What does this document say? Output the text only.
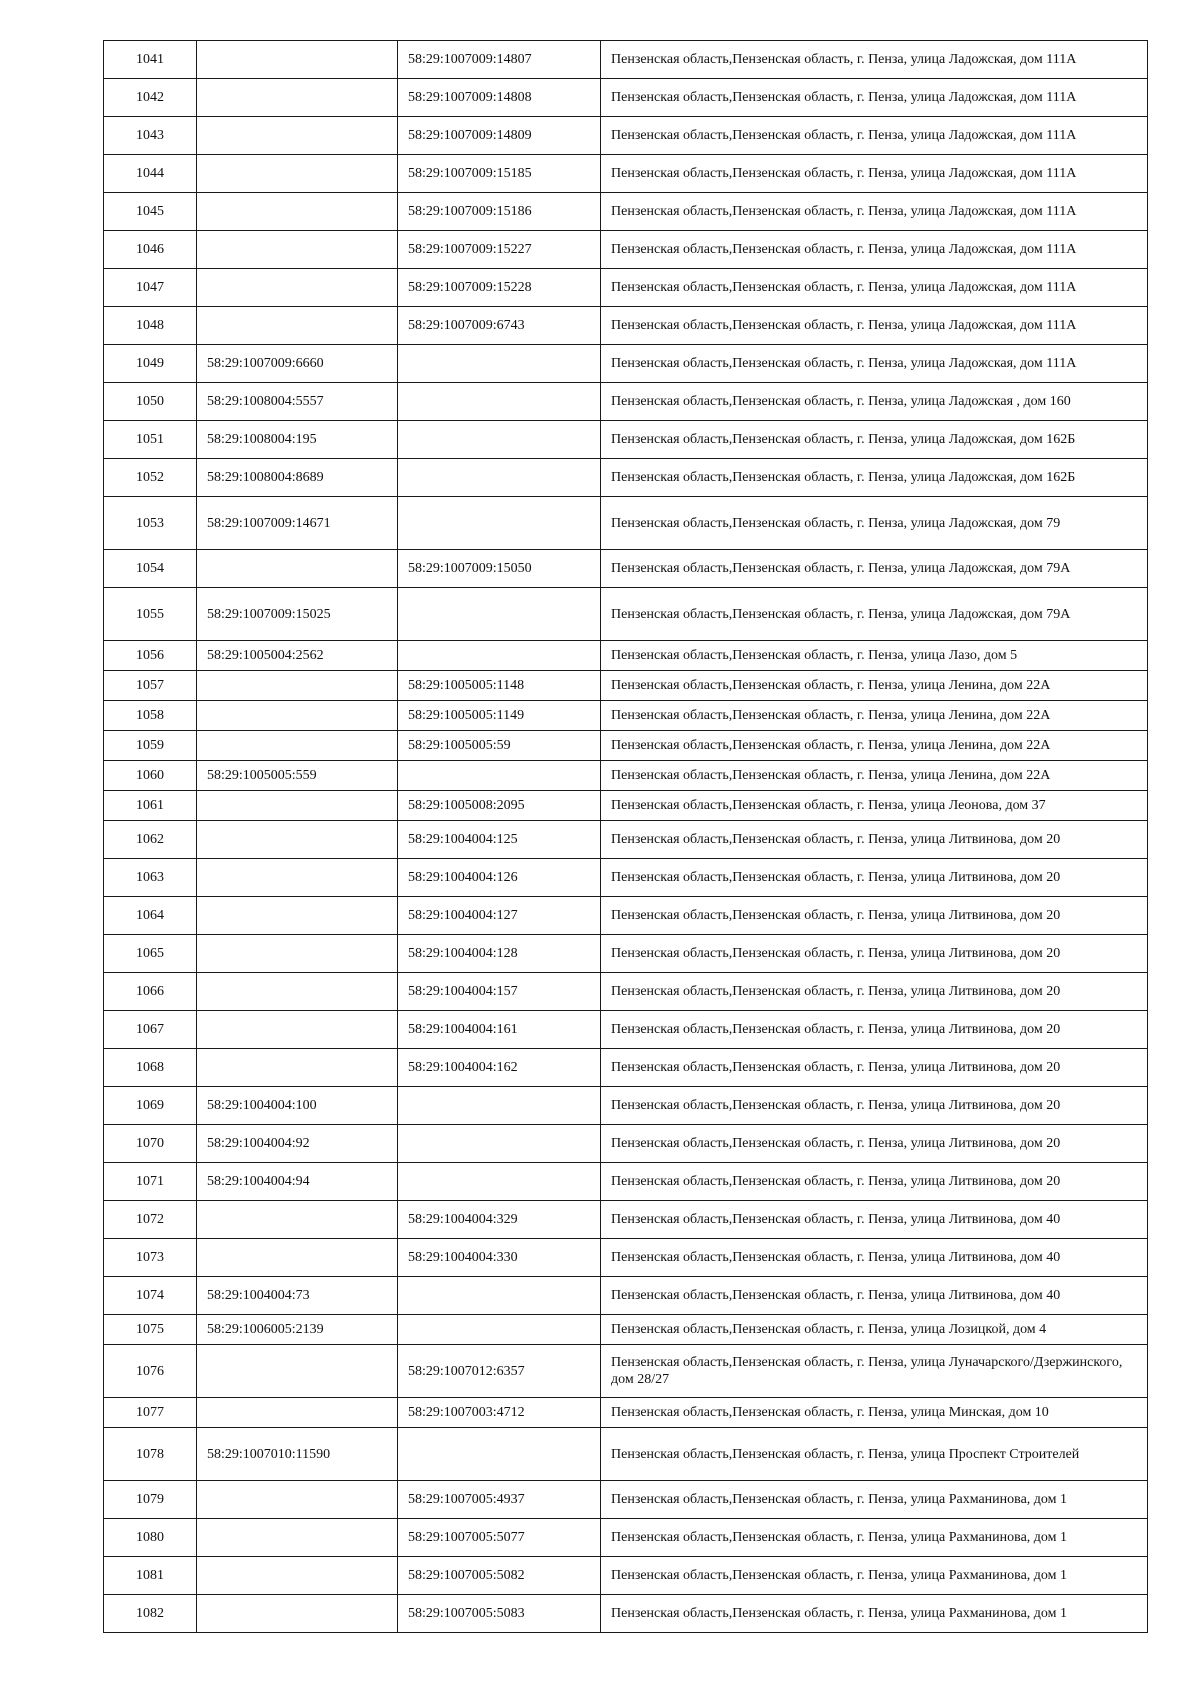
1041		58:29:1007009:14807	Пензенская область,Пензенская область, г. Пенза, улица Ладожская, дом 111А
1042		58:29:1007009:14808	Пензенская область,Пензенская область, г. Пенза, улица Ладожская, дом 111А
1043		58:29:1007009:14809	Пензенская область,Пензенская область, г. Пенза, улица Ладожская, дом 111А
1044		58:29:1007009:15185	Пензенская область,Пензенская область, г. Пенза, улица Ладожская, дом 111А
1045		58:29:1007009:15186	Пензенская область,Пензенская область, г. Пенза, улица Ладожская, дом 111А
1046		58:29:1007009:15227	Пензенская область,Пензенская область, г. Пенза, улица Ладожская, дом 111А
1047		58:29:1007009:15228	Пензенская область,Пензенская область, г. Пенза, улица Ладожская, дом 111А
1048		58:29:1007009:6743	Пензенская область,Пензенская область, г. Пенза, улица Ладожская, дом 111А
1049	58:29:1007009:6660		Пензенская область,Пензенская область, г. Пенза, улица Ладожская, дом 111А
1050	58:29:1008004:5557		Пензенская область,Пензенская область, г. Пенза, улица Ладожская , дом 160
1051	58:29:1008004:195		Пензенская область,Пензенская область, г. Пенза, улица Ладожская, дом 162Б
1052	58:29:1008004:8689		Пензенская область,Пензенская область, г. Пенза, улица Ладожская, дом 162Б
1053	58:29:1007009:14671		Пензенская область,Пензенская область, г. Пенза, улица Ладожская, дом 79
1054		58:29:1007009:15050	Пензенская область,Пензенская область, г. Пенза, улица Ладожская, дом 79А
1055	58:29:1007009:15025		Пензенская область,Пензенская область, г. Пенза, улица Ладожская, дом 79А
1056	58:29:1005004:2562		Пензенская область,Пензенская область, г. Пенза, улица Лазо, дом 5
1057		58:29:1005005:1148	Пензенская область,Пензенская область, г. Пенза, улица Ленина, дом 22А
1058		58:29:1005005:1149	Пензенская область,Пензенская область, г. Пенза, улица Ленина, дом 22А
1059		58:29:1005005:59	Пензенская область,Пензенская область, г. Пенза, улица Ленина, дом 22А
1060	58:29:1005005:559		Пензенская область,Пензенская область, г. Пенза, улица Ленина, дом 22А
1061		58:29:1005008:2095	Пензенская область,Пензенская область, г. Пенза, улица Леонова, дом 37
1062		58:29:1004004:125	Пензенская область,Пензенская область, г. Пенза, улица Литвинова, дом 20
1063		58:29:1004004:126	Пензенская область,Пензенская область, г. Пенза, улица Литвинова, дом 20
1064		58:29:1004004:127	Пензенская область,Пензенская область, г. Пенза, улица Литвинова, дом 20
1065		58:29:1004004:128	Пензенская область,Пензенская область, г. Пенза, улица Литвинова, дом 20
1066		58:29:1004004:157	Пензенская область,Пензенская область, г. Пенза, улица Литвинова, дом 20
1067		58:29:1004004:161	Пензенская область,Пензенская область, г. Пенза, улица Литвинова, дом 20
1068		58:29:1004004:162	Пензенская область,Пензенская область, г. Пенза, улица Литвинова, дом 20
1069	58:29:1004004:100		Пензенская область,Пензенская область, г. Пенза, улица Литвинова, дом 20
1070	58:29:1004004:92		Пензенская область,Пензенская область, г. Пенза, улица Литвинова, дом 20
1071	58:29:1004004:94		Пензенская область,Пензенская область, г. Пенза, улица Литвинова, дом 20
1072		58:29:1004004:329	Пензенская область,Пензенская область, г. Пенза, улица Литвинова, дом 40
1073		58:29:1004004:330	Пензенская область,Пензенская область, г. Пенза, улица Литвинова, дом 40
1074	58:29:1004004:73		Пензенская область,Пензенская область, г. Пенза, улица Литвинова, дом 40
1075	58:29:1006005:2139		Пензенская область,Пензенская область, г. Пенза, улица Лозицкой, дом 4
1076		58:29:1007012:6357	Пензенская область,Пензенская область, г. Пенза, улица Луначарского/Дзержинского, дом 28/27
1077		58:29:1007003:4712	Пензенская область,Пензенская область, г. Пенза, улица Минская, дом 10
1078	58:29:1007010:11590		Пензенская область,Пензенская область, г. Пенза, улица Проспект Строителей
1079		58:29:1007005:4937	Пензенская область,Пензенская область, г. Пенза, улица Рахманинова, дом 1
1080		58:29:1007005:5077	Пензенская область,Пензенская область, г. Пенза, улица Рахманинова, дом 1
1081		58:29:1007005:5082	Пензенская область,Пензенская область, г. Пенза, улица Рахманинова, дом 1
1082		58:29:1007005:5083	Пензенская область,Пензенская область, г. Пенза, улица Рахманинова, дом 1
